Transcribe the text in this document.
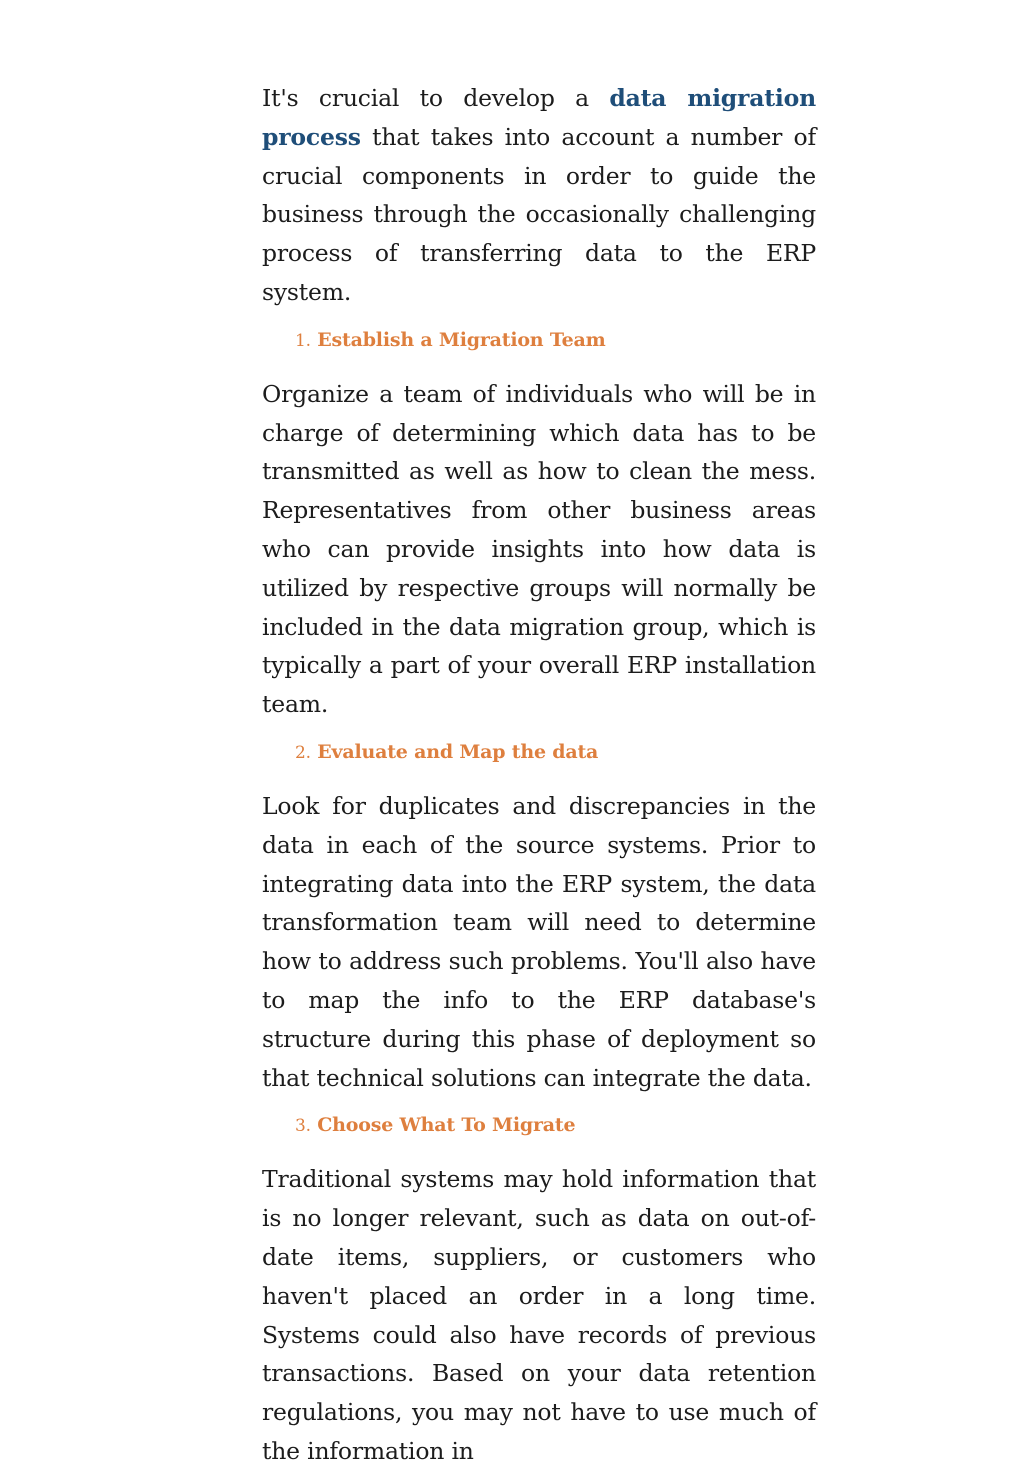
It's crucial to develop a data migration process that takes into account a number of crucial components in order to guide the business through the occasionally challenging process of transferring data to the ERP system.

1. Establish a Migration Team

Organize a team of individuals who will be in charge of determining which data has to be transmitted as well as how to clean the mess. Representatives from other business areas who can provide insights into how data is utilized by respective groups will normally be included in the data migration group, which is typically a part of your overall ERP installation team.

2. Evaluate and Map the data

Look for duplicates and discrepancies in the data in each of the source systems. Prior to integrating data into the ERP system, the data transformation team will need to determine how to address such problems. You'll also have to map the info to the ERP database's structure during this phase of deployment so that technical solutions can integrate the data.

3. Choose What To Migrate

Traditional systems may hold information that is no longer relevant, such as data on out-of-date items, suppliers, or customers who haven't placed an order in a long time. Systems could also have records of previous transactions. Based on your data retention regulations, you may not have to use much of the information in
